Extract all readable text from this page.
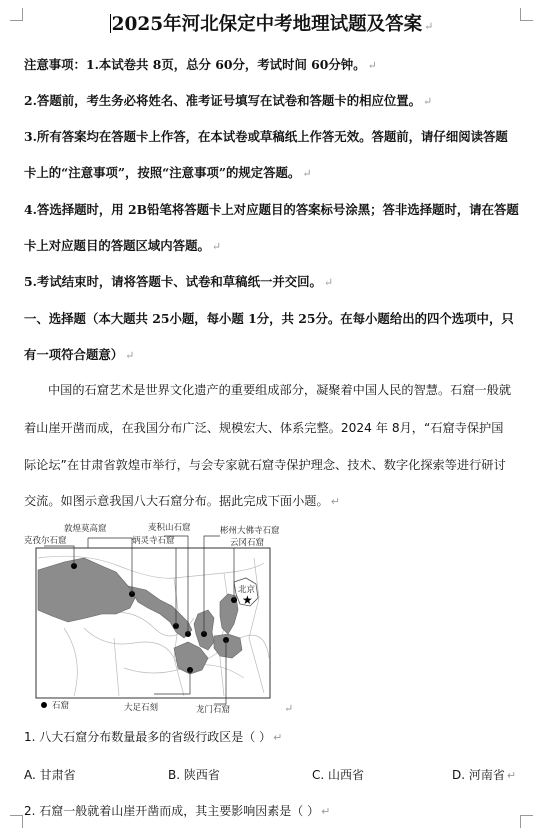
2025年河北保定中考地理试题及答案 ↵
注意事项：1.本试卷共 8页，总分 60分，考试时间 60分钟。 ↵
2.答题前，考生务必将姓名、准考证号填写在试卷和答题卡的相应位置。 ↵
3.所有答案均在答题卡上作答，在本试卷或草稿纸上作答无效。答题前，请仔细阅读答题
卡上的“注意事项”，按照“注意事项”的规定答题。 ↵
4.答选择题时，用 2B铅笔将答题卡上对应题目的答案标号涂黑；答非选择题时，请在答题
卡上对应题目的答题区域内答题。 ↵
5.考试结束时，请将答题卡、试卷和草稿纸一并交回。 ↵
一、选择题（本大题共 25小题，每小题 1分，共 25分。在每小题给出的四个选项中，只
有一项符合题意） ↵
中国的石窟艺术是世界文化遗产的重要组成部分，凝聚着中国人民的智慧。石窟一般就
着山崖开凿而成，在我国分布广泛、规模宏大、体系完整。2024 年 8月，“石窟寺保护国
际论坛”在甘肃省敦煌市举行，与会专家就石窟寺保护理念、技术、数字化探索等进行研讨
交流。如图示意我国八大石窟分布。据此完成下面小题。 ↵
★
敦煌莫高窟
克孜尔石窟
麦积山石窟
炳灵寺石窟
彬州大佛寺石窟
云冈石窟
北京
大足石刻	龙门石窟
石窟	↵
1. 八大石窟分布数量最多的省级行政区是（ ） ↵
A. 甘肃省	B. 陕西省	C. 山西省	D. 河南省 ↵
2. 石窟一般就着山崖开凿而成，其主要影响因素是（ ） ↵
